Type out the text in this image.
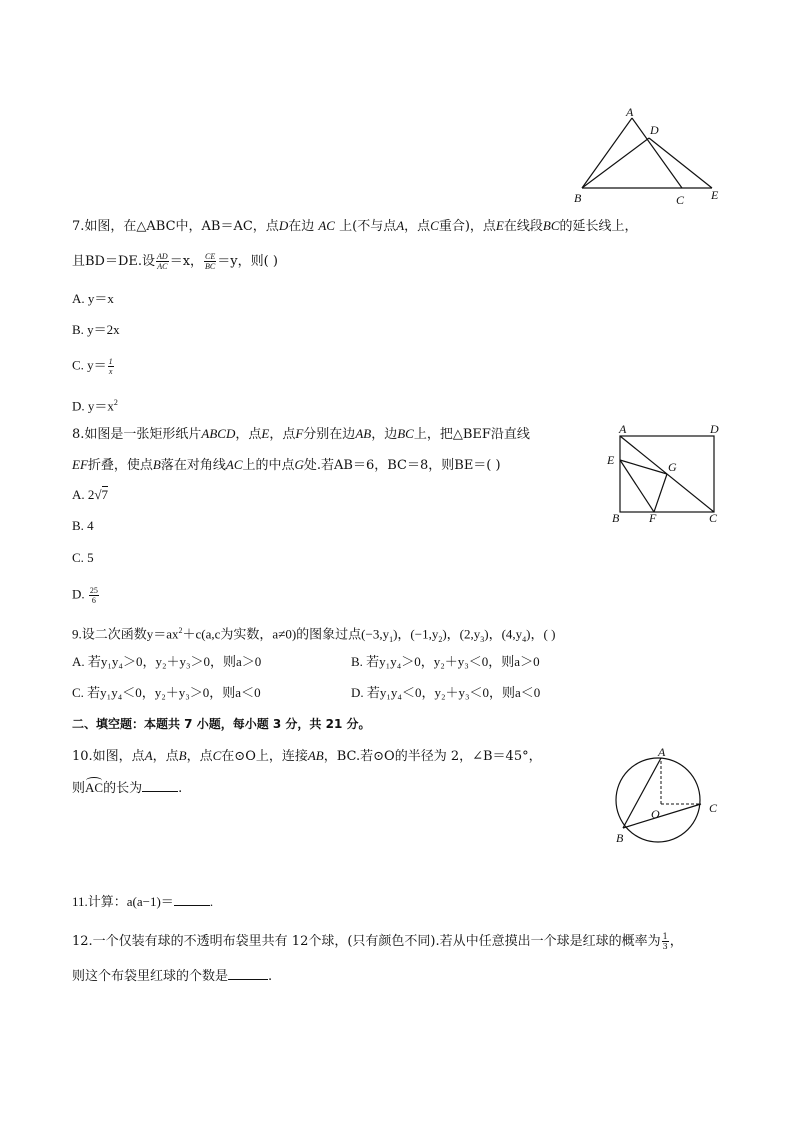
A
D
B	C E
7.如图，在△ABC中，AB＝AC，点D在边 AC 上(不与点A，点C重合)，点E在线段BC的延长线上，
且BD＝DE.设 $\frac{AD}{AC} =x$， $\frac{CE}{BC} =y$，则( )
A. y＝x
B. y＝2x
C. $y= \frac{1}{x}$
D. $y=x^2$
A	D
E	G
B F	C
8.如图是一张矩形纸片ABCD，点E，点F分别在边AB，边BC上，把△BEF沿直线
EF折叠，使点B落在对角线AC上的中点G处.若AB＝6，BC＝8，则BE＝( )
A. 2√7
B. 4
C. 5
D. $\frac{25}{6}$
9.设二次函数$y=ax^2+c(a,c$为实数，a≠0)的图象过点$(-3,y_1)$，$(-1,y_2)$，$(2,y_3)$，$(4,y_4)$，( )
A. 若y₁y₄＞0，y₂＋y₃＞0，则a＞0	B. 若y₁y₄＞0，y₂＋y₃＜0，则a＞0
C. 若y₁y₄＜0，y₂＋y₃＞0，则a＜0	D. 若y₁y₄＜0，y₂＋y₃＜0，则a＜0
二、填空题：本题共 7 小题，每小题 3 分，共 21 分。
A
O	C
B
10.如图，点A，点B，点C在⊙O上，连接AB，BC.若⊙O的半径为 2，∠B＝45°，
则AC的长为	.
11.计算：a(a−1)＝	.
12.一个仅装有球的不透明布袋里共有 12个球，(只有颜色不同).若从中任意摸出一个球是红球的概率为 $\frac{1}{3}$ ，
则这个布袋里红球的个数是	.
